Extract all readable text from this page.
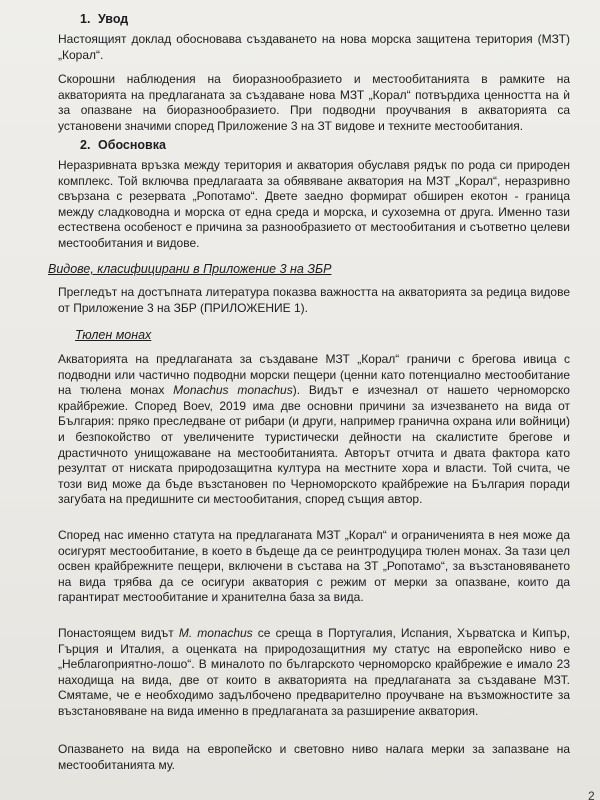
1. Увод
Настоящият доклад обосновава създаването на нова морска защитена територия (МЗТ) „Корал“.
Скорошни наблюдения на биоразнообразието и местообитанията в рамките на акваторията на предлаганата за създаване нова МЗТ „Корал“ потвърдиха ценността на ѝ за опазване на биоразнообразието. При подводни проучвания в акваторията са установени значими според Приложение 3 на ЗТ видове и техните местообитания.
2. Обосновка
Неразривната връзка между територия и акватория обуславя рядък по рода си природен комплекс. Той включва предлагаата за обявяване акватория на МЗТ „Корал“, неразривно свързана с резервата „Ропотамо“. Двете заедно формират обширен екотон - граница между сладководна и морска от една среда и морска, и сухоземна от друга. Именно тази естествена особеност е причина за разнообразието от местообитания и съответно целеви местообитания и видове.
Видове, класифицирани в Приложение 3 на ЗБР
Прегледът на достъпната литература показва важността на акваторията за редица видове от Приложение 3 на ЗБР (ПРИЛОЖЕНИЕ 1).
Тюлен монах
Акваторията на предлаганата за създаване МЗТ „Корал“ граничи с брегова ивица с подводни или частично подводни морски пещери (ценни като потенциално местообитание на тюлена монах Monachus monachus). Видът е изчезнал от нашето черноморско крайбрежие. Според Boev, 2019 има две основни причини за изчезването на вида от България: пряко преследване от рибари (и други, например гранична охрана или войници) и безпокойство от увеличените туристически дейности на скалистите брегове и драстичното унищожаване на местообитанията. Авторът отчита и двата фактора като резултат от ниската природозащитна култура на местните хора и власти. Той счита, че този вид може да бъде възстановен по Черноморското крайбрежие на България поради загубата на предишните си местообитания, според същия автор.
Според нас именно статута на предлаганата МЗТ „Корал“ и ограниченията в нея може да осигурят местообитание, в което в бъдеще да се реинтродуцира тюлен монах. За тази цел освен крайбрежните пещери, включени в състава на ЗТ „Ропотамо“, за възстановяването на вида трябва да се осигури акватория с режим от мерки за опазване, които да гарантират местообитание и хранителна база за вида.
Понастоящем видът M. monachus се среща в Португалия, Испания, Хърватска и Кипър, Гърция и Италия, а оценката на природозащитния му статус на европейско ниво е „Неблагоприятно-лошо“. В миналото по българското черноморско крайбрежие е имало 23 находища на вида, две от които в акваторията на предлаганата за създаване МЗТ. Смятаме, че е необходимо задълбочено предварително проучване на възможностите за възстановяване на вида именно в предлаганата за разширение акватория.
Опазването на вида на европейско и световно ниво налага мерки за запазване на местообитанията му.
2
